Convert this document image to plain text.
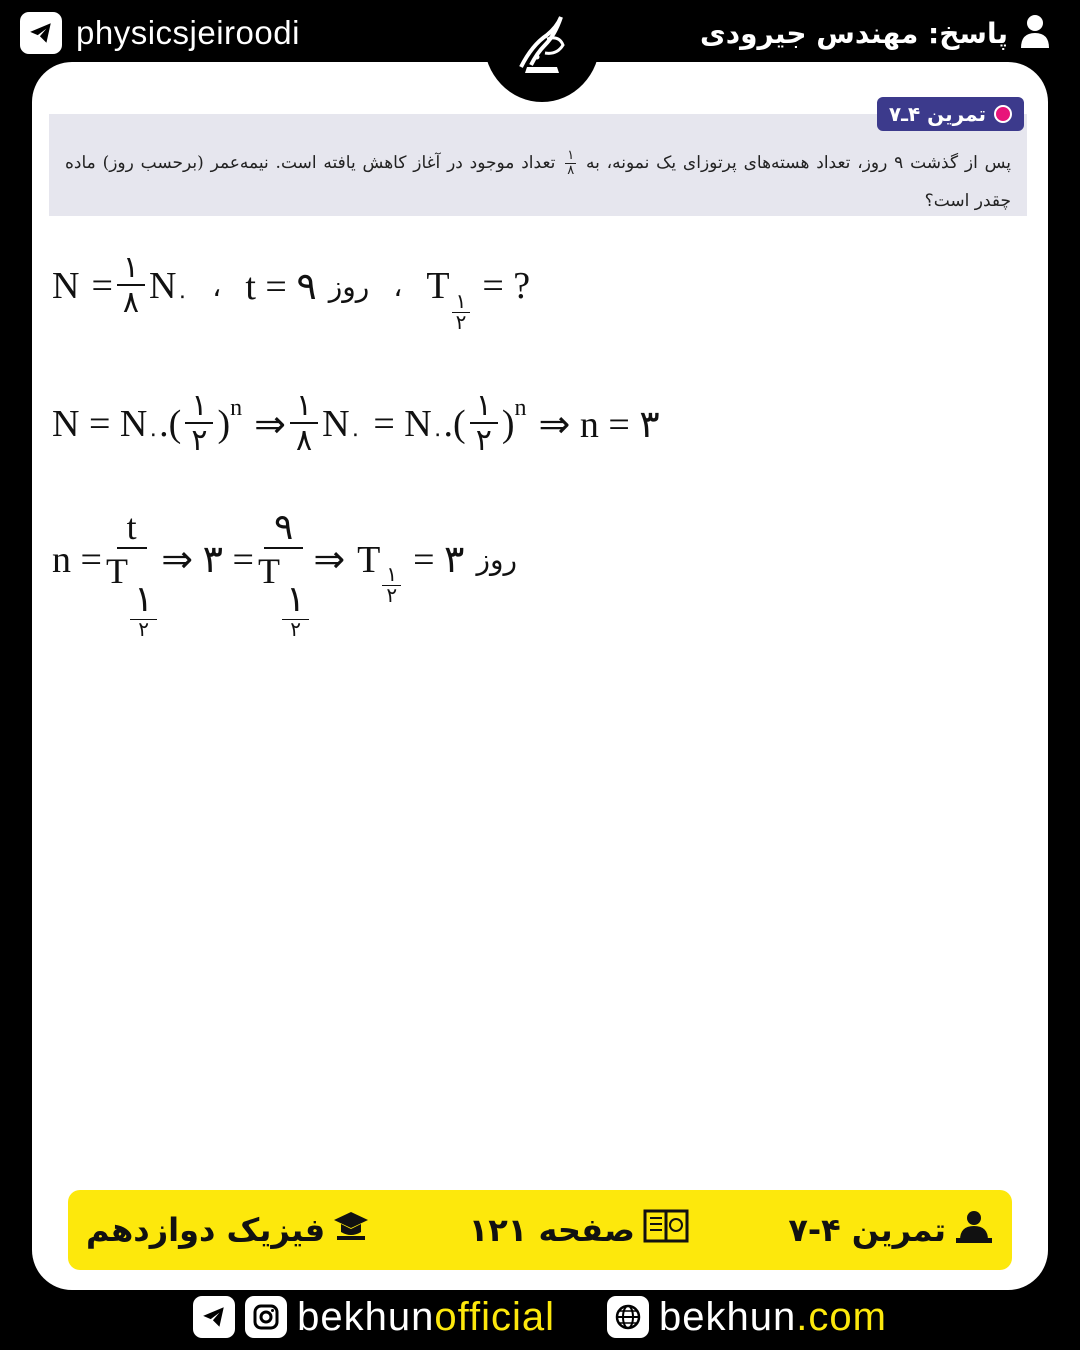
physicsjeiroodi	پاسخ: مهندس جیرودی
پس از گذشت ۹ روز، تعداد هسته‌های پرتوزای یک نمونه، به
$\frac{۱}{۸}$
تعداد موجود در آغاز کاهش یافته است. نیمه‌عمر (برحسب روز) ماده چقدر است؟
تمرین ۴ـ۷
$N = \frac{۱}{۸}$ N ۰ ، t = ۹ روز ، T ۱
۲
= ?
N = N ۰ .( $\frac{۱}{۲}$ ) n ⇒ $\frac{۱}{۸}$ N ۰ = N ۰ .( $\frac{۱}{۲}$ ) n ⇒ n = ۳
n = t
T
۱
۲ ⇒ ۳ = ۹
T
۱
۲ ⇒ T ۱
۲
= ۳ روز
فیزیک دوازدهم	صفحه ۱۲۱	تمرین ۴-۷
bekhunofficial	bekhun.com
